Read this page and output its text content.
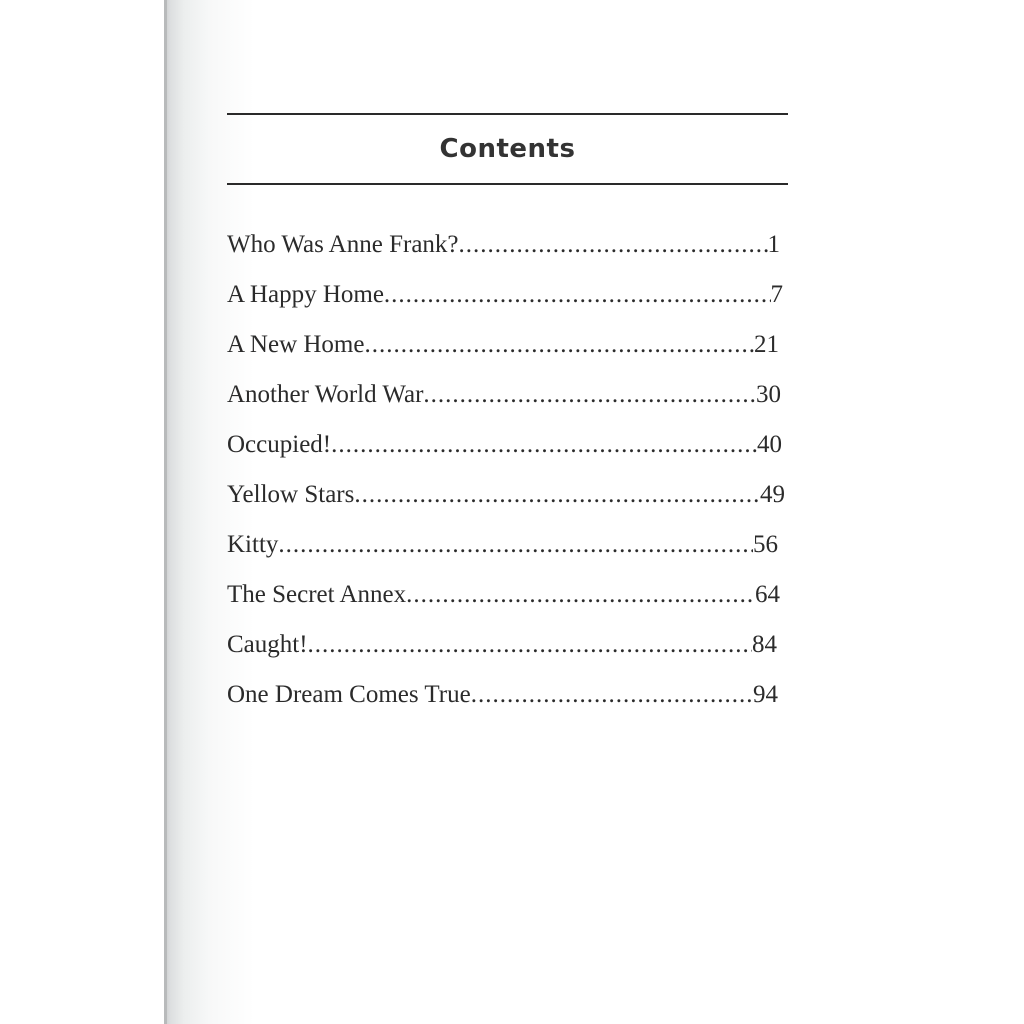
Contents
Who Was Anne Frank? .....	1
A Happy Home .....	7
A New Home .....	21
Another World War .....	30
Occupied! .....	40
Yellow Stars .....	49
Kitty .....	56
The Secret Annex .....	64
Caught! .....	84
One Dream Comes True .....	94
